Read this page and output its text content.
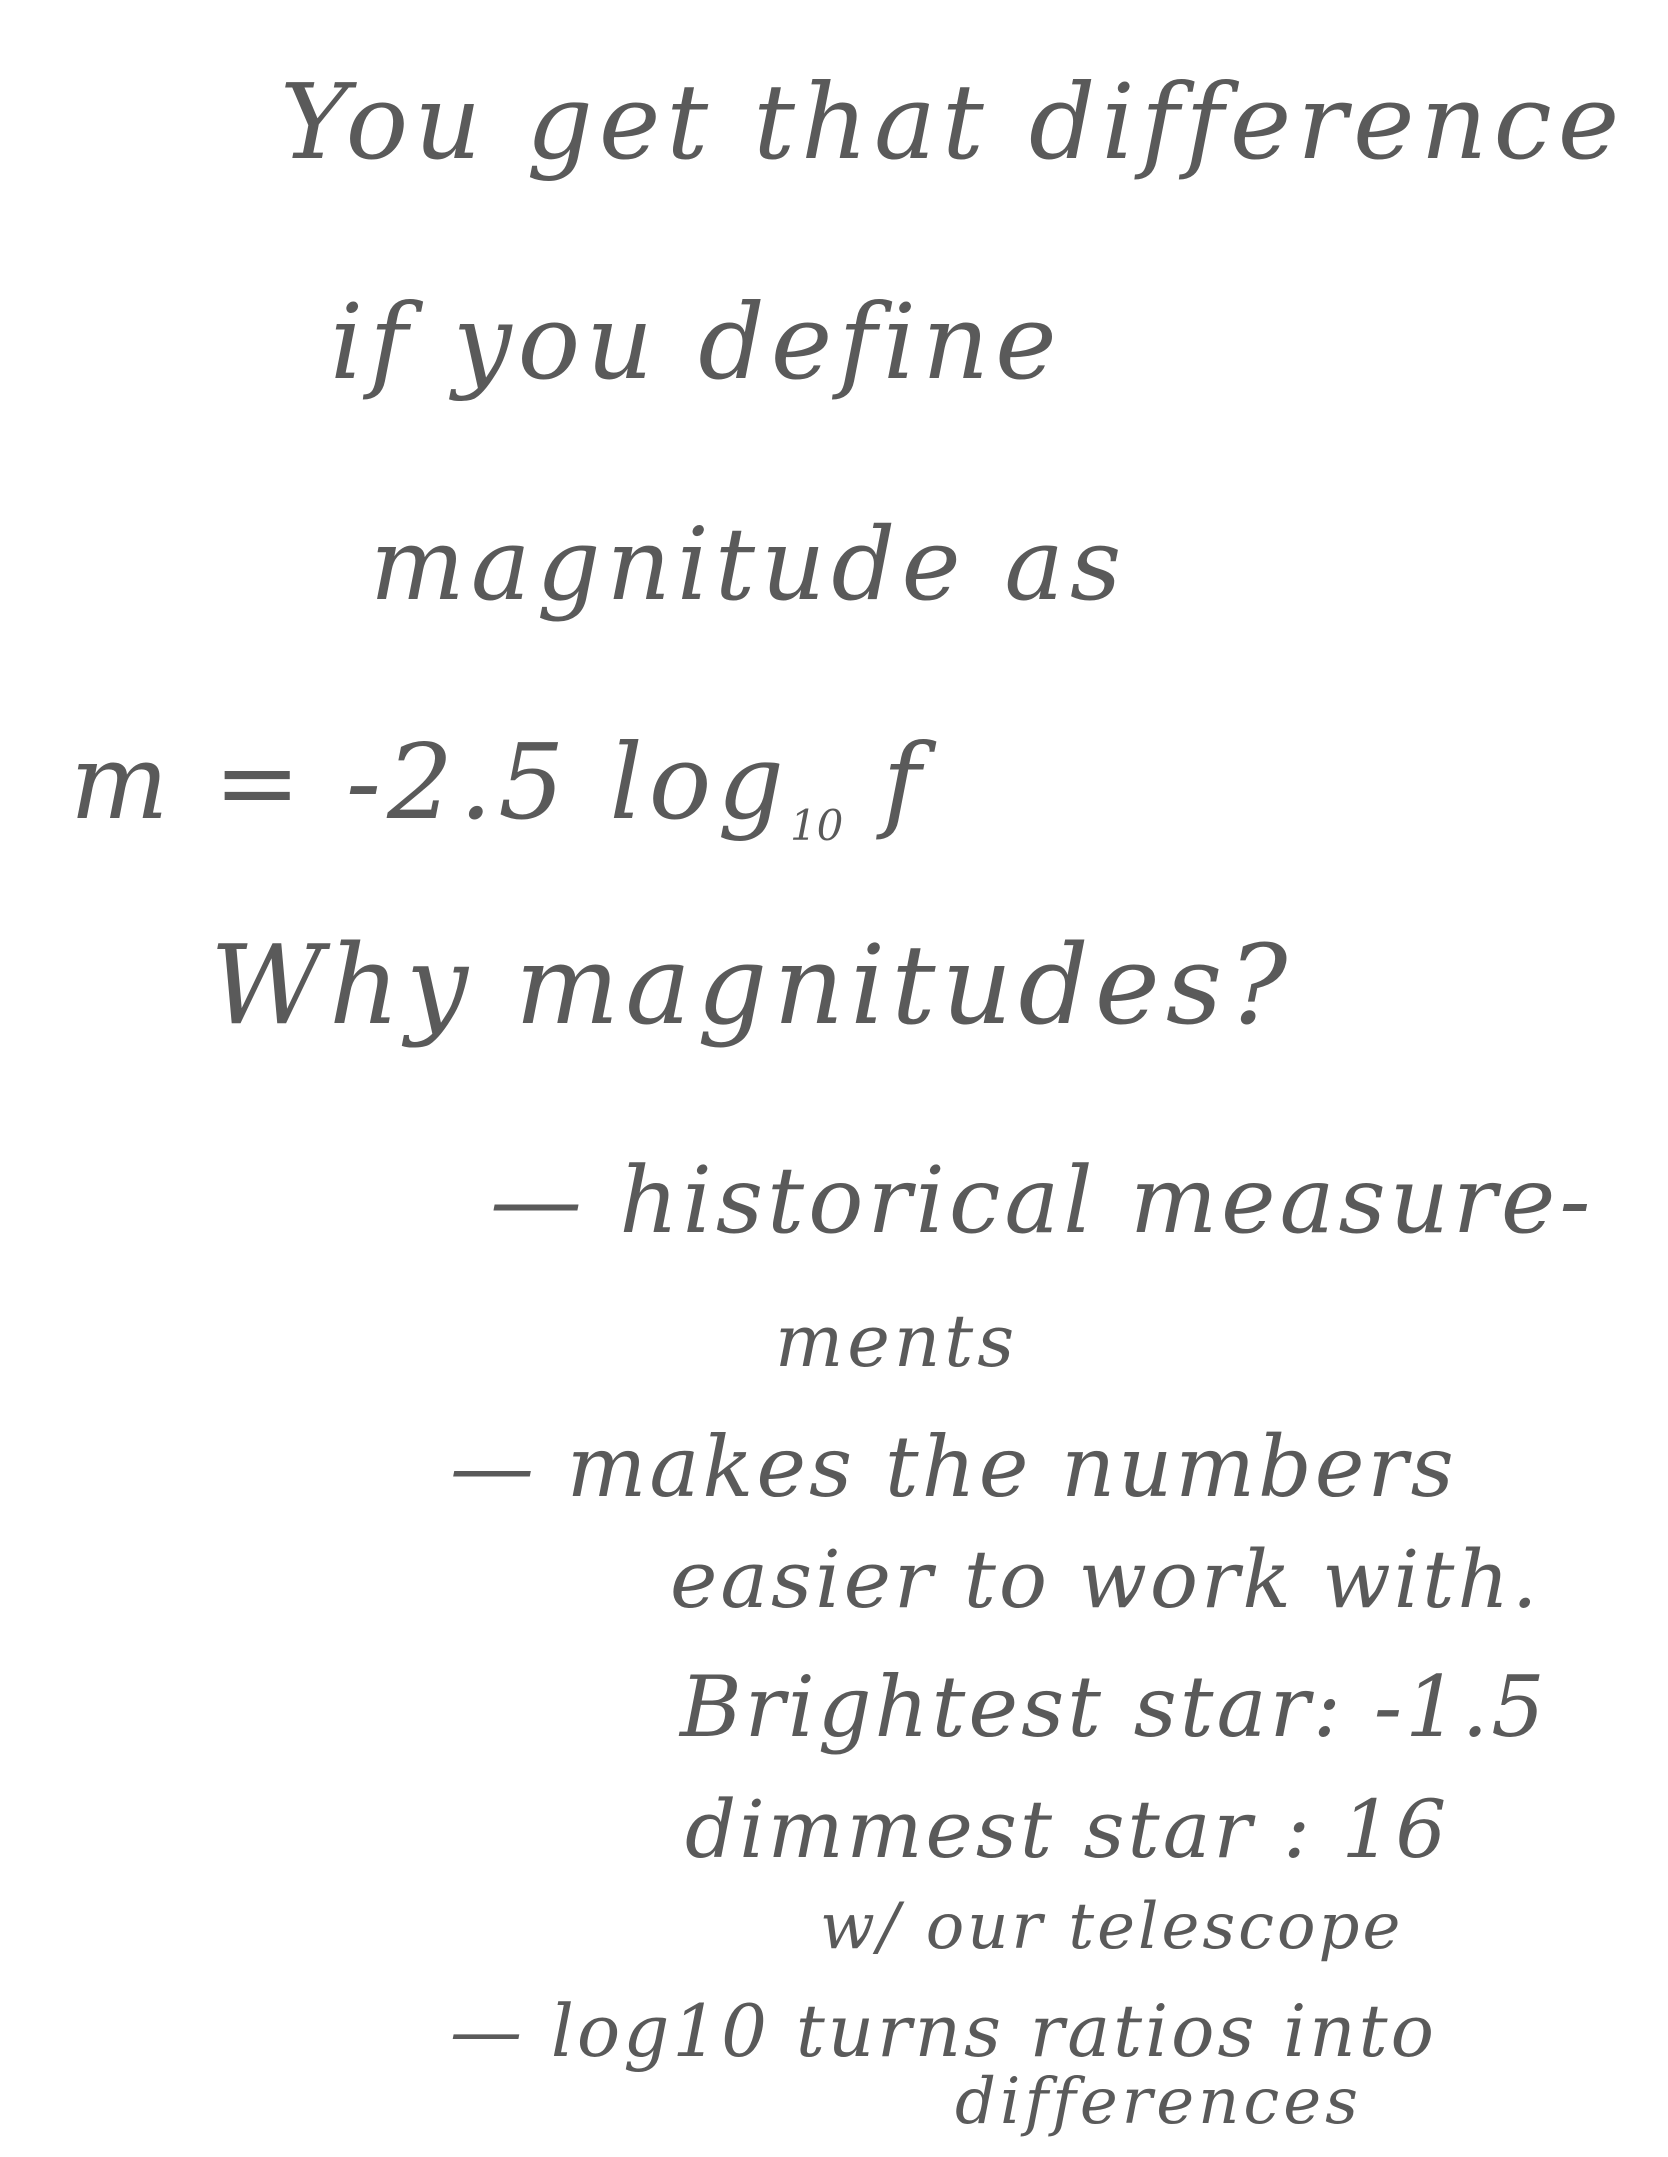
You get that difference
if you define
magnitude as
m = -2.5 $\log_{10} f$
Why magnitudes?
— historical measure-
ments
— makes the numbers
easier to work with.
Brightest star: -1.5
dimmest star : 16
w/ our telescope
— log10 turns ratios into
differences
